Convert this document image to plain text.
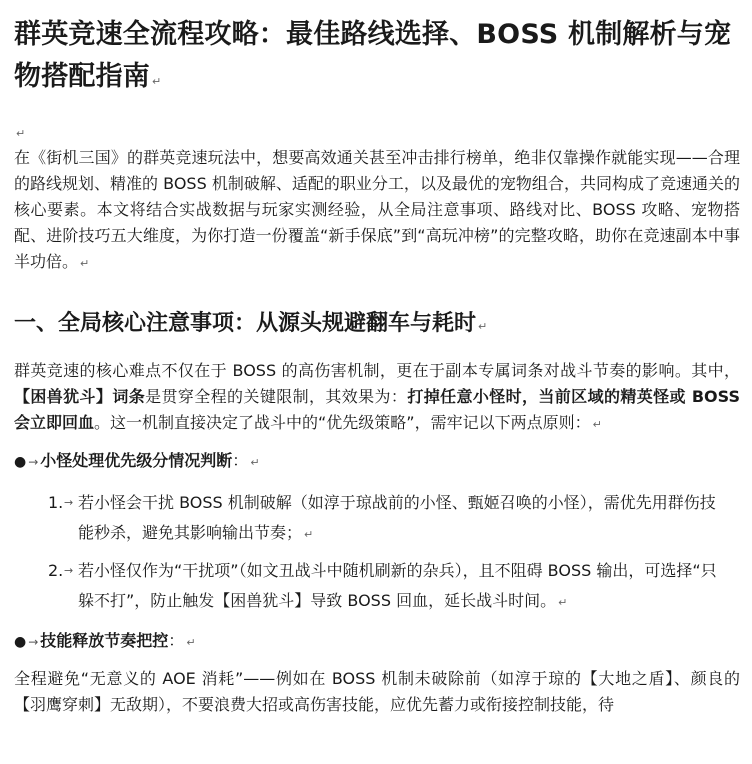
群英竞速全流程攻略：最佳路线选择、BOSS 机制解析与宠物搭配指南 ↵
↵

在《街机三国》的群英竞速玩法中，想要高效通关甚至冲击排行榜单，绝非仅靠操作就能实现——合理的路线规划、精准的 BOSS 机制破解、适配的职业分工，以及最优的宠物组合，共同构成了竞速通关的核心要素。本文将结合实战数据与玩家实测经验，从全局注意事项、路线对比、BOSS 攻略、宠物搭配、进阶技巧五大维度，为你打造一份覆盖“新手保底”到“高玩冲榜”的完整攻略，助你在竞速副本中事半功倍。 ↵

一、全局核心注意事项：从源头规避翻车与耗时 ↵

群英竞速的核心难点不仅在于 BOSS 的高伤害机制，更在于副本专属词条对战斗节奏的影响。其中，【困兽犹斗】词条是贯穿全程的关键限制，其效果为：打掉任意小怪时，当前区域的精英怪或 BOSS 会立即回血。这一机制直接决定了战斗中的“优先级策略”，需牢记以下两点原则： ↵

● → 小怪处理优先级分情况判断： ↵
1. → 若小怪会干扰 BOSS 机制破解（如淳于琼战前的小怪、甄姬召唤的小怪），需优先用群伤技能秒杀，避免其影响输出节奏； ↵
2. → 若小怪仅作为“干扰项”（如文丑战斗中随机刷新的杂兵），且不阻碍 BOSS 输出，可选择“只躲不打”，防止触发【困兽犹斗】导致 BOSS 回血，延长战斗时间。 ↵
● → 技能释放节奏把控： ↵

全程避免“无意义的 AOE 消耗”——例如在 BOSS 机制未破除前（如淳于琼的【大地之盾】、颜良的【羽鹰穿刺】无敌期），不要浪费大招或高伤害技能，应优先蓄力或衔接控制技能，待
